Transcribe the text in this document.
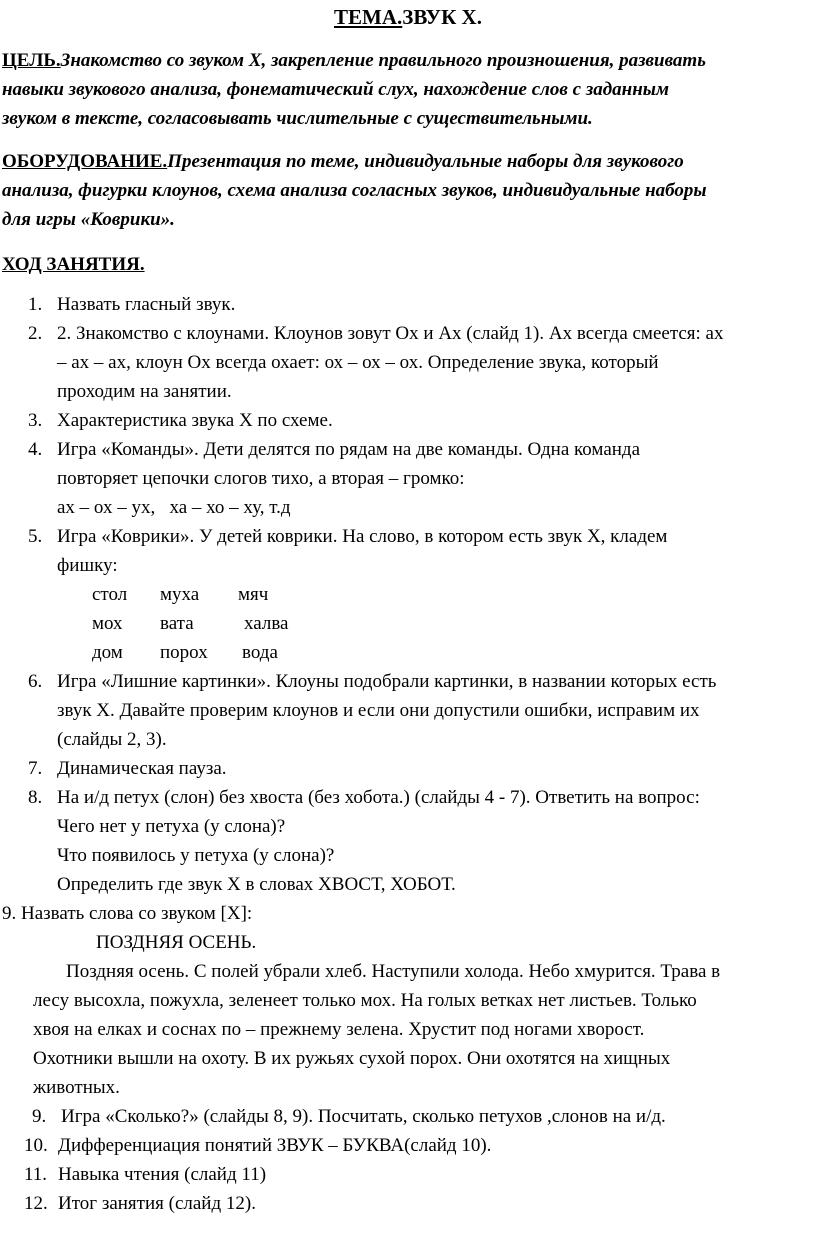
ТЕМА.ЗВУК Х.
ЦЕЛЬ.Знакомство со звуком Х, закрепление правильного произношения, развивать
навыки звукового анализа, фонематический слух, нахождение слов с заданным
звуком в тексте, согласовывать числительные с существительными.
ОБОРУДОВАНИЕ.Презентация по теме, индивидуальные наборы для звукового
анализа, фигурки клоунов, схема анализа согласных звуков, индивидуальные наборы
для игры «Коврики».
ХОД ЗАНЯТИЯ.
1. Назвать гласный звук.
2. 2. Знакомство с клоунами. Клоунов зовут Ох и Ах (слайд 1). Ах всегда смеется: ах
– ах – ах, клоун Ох всегда охает: ох – ох – ох. Определение звука, который
проходим на занятии.
3. Характеристика звука Х по схеме.
4. Игра «Команды». Дети делятся по рядам на две команды. Одна команда
повторяет цепочки слогов тихо, а вторая – громко:
ах – ох – ух,   ха – хо – ху, т.д
5. Игра «Коврики». У детей коврики. На слово, в котором есть звук Х, кладем
фишку:
стол муха мяч
мох вата	халва
дом порох вода
6. Игра «Лишние картинки». Клоуны подобрали картинки, в названии которых есть
звук Х. Давайте проверим клоунов и если они допустили ошибки, исправим их
(слайды 2, 3).
7. Динамическая пауза.
8. На и/д петух (слон) без хвоста (без хобота.) (слайды 4 - 7). Ответить на вопрос:
Чего нет у петуха (у слона)?
Что появилось у петуха (у слона)?
Определить где звук Х в словах ХВОСТ, ХОБОТ.
9. Назвать слова со звуком [Х]:
ПОЗДНЯЯ ОСЕНЬ.
Поздняя осень. С полей убрали хлеб. Наступили холода. Небо хмурится. Трава в
лесу высохла, пожухла, зеленеет только мох. На голых ветках нет листьев. Только
хвоя на елках и соснах по – прежнему зелена. Хрустит под ногами хворост.
Охотники вышли на охоту. В их ружьях сухой порох. Они охотятся на хищных
животных.
9. Игра «Сколько?» (слайды 8, 9). Посчитать, сколько петухов ,слонов на и/д.
10. Дифференциация понятий ЗВУК – БУКВА(слайд 10).
11. Навыка чтения (слайд 11)
12. Итог занятия (слайд 12).
